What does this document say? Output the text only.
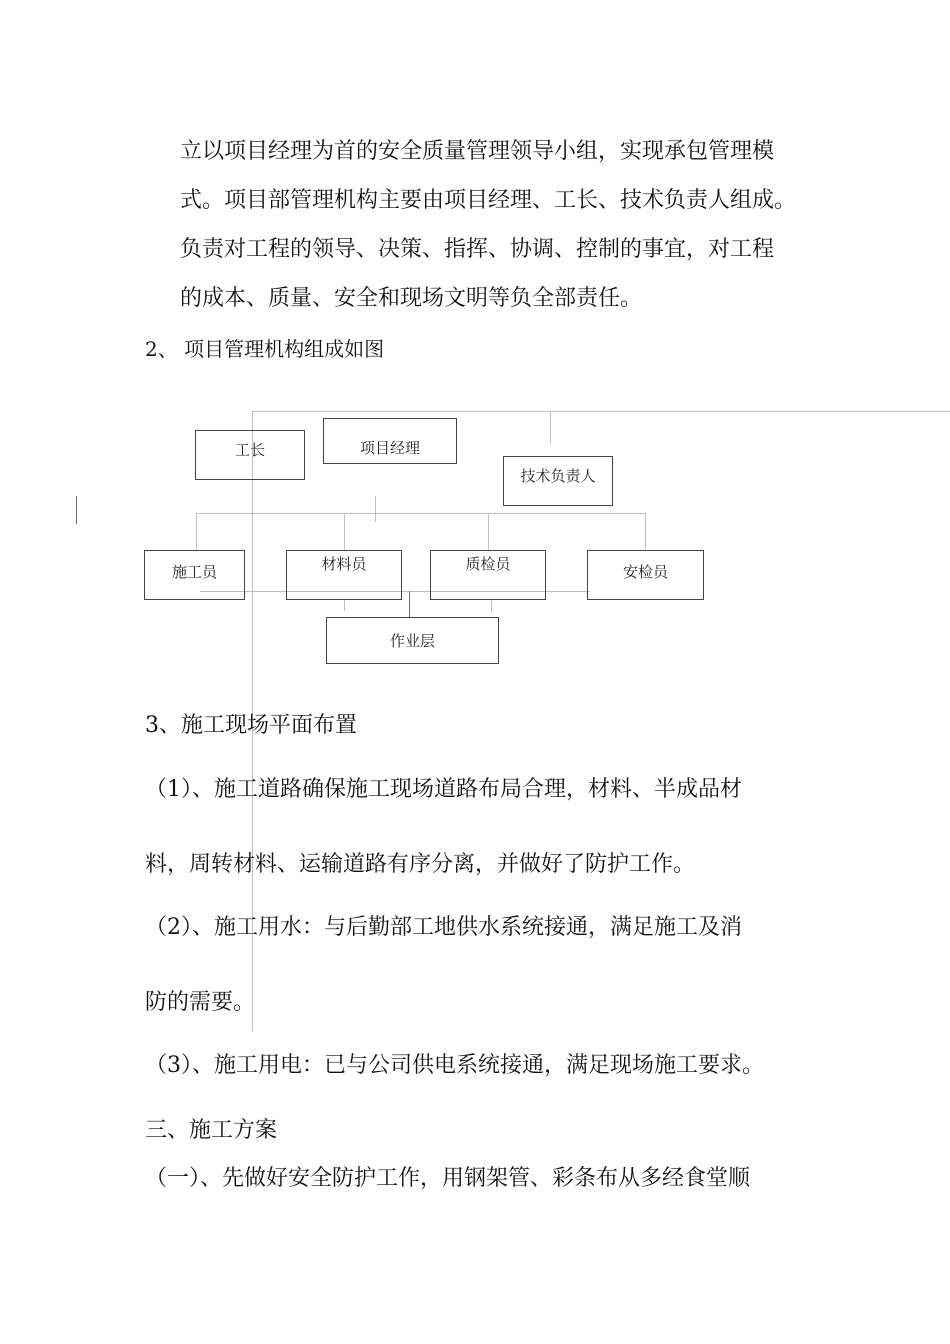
立以项目经理为首的安全质量管理领导小组，实现承包管理模
式。项目部管理机构主要由项目经理、工长、技术负责人组成。
负责对工程的领导、决策、指挥、协调、控制的事宜，对工程
的成本、质量、安全和现场文明等负全部责任。
2、 项目管理机构组成如图
工长	项目经理
技术负责人
施工员	材料员	质检员	安检员
作业层
3、施工现场平面布置
（1）、施工道路确保施工现场道路布局合理，材料、半成品材
料，周转材料、运输道路有序分离，并做好了防护工作。
（2）、施工用水：与后勤部工地供水系统接通，满足施工及消
防的需要。
（3）、施工用电：已与公司供电系统接通，满足现场施工要求。
三、施工方案
（一）、先做好安全防护工作，用钢架管、彩条布从多经食堂顺
